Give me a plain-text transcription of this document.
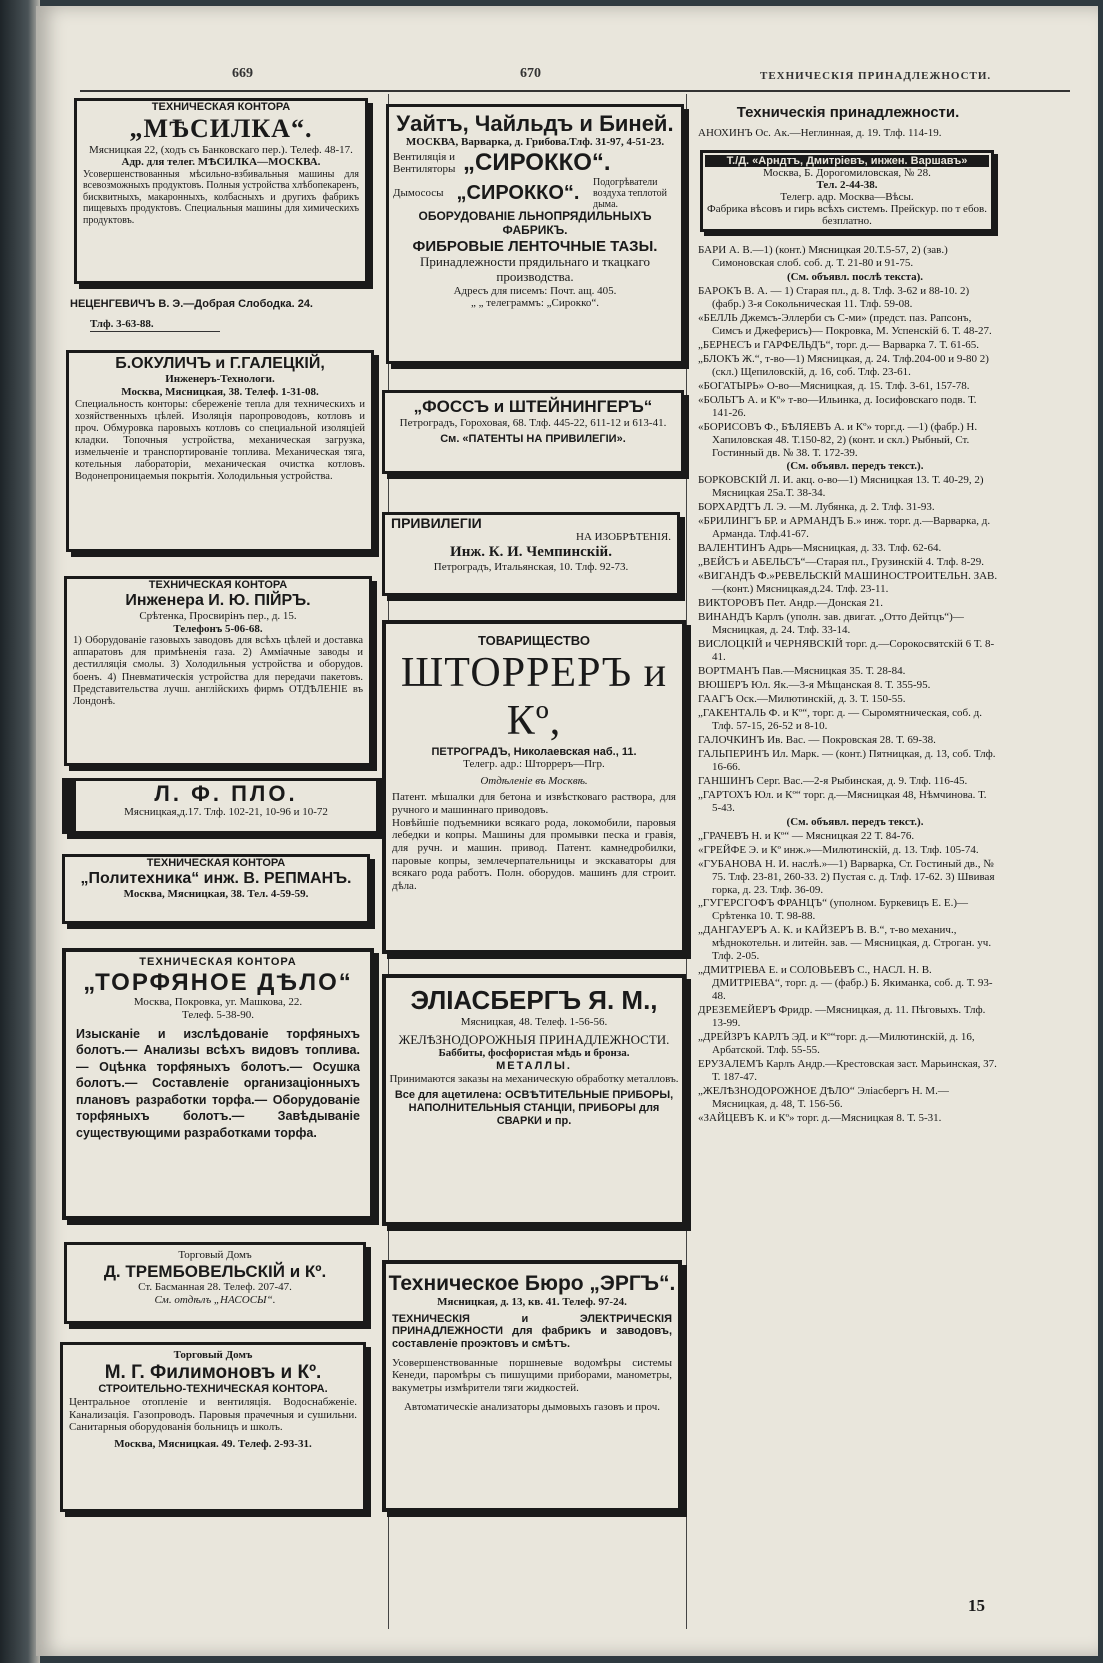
669	670	ТЕХНИЧЕСКІЯ ПРИНАДЛЕЖНОСТИ.
ТЕХНИЧЕСКАЯ КОНТОРА
„МѢСИЛКА“.
Мясницкая 22, (ходъ съ Банковскаго пер.). Телеф. 48-17.
Адр. для телег. МѢСИЛКА—МОСКВА.
Усовершенствованныя мѣсильно-взбивальныя машины для всевозможныхъ продуктовъ. Полныя устройства хлѣбопекаренъ, бисквитныхъ, макаронныхъ, колбасныхъ и другихъ фабрикъ пищевыхъ продуктовъ. Специальныя машины для химическихъ продуктовъ.
НЕЦЕНГЕВИЧЪ В. Э.—Добрая Слободка. 24.
Тлф. 3-63-88.
Б.ОКУЛИЧЪ и Г.ГАЛЕЦКІЙ,
Инженеръ-Технологи.
Москва, Мясницкая, 38. Телеф. 1-31-08.
Специальность конторы: сбереженіе тепла для техническихъ и хозяйственныхъ цѣлей. Изоляція паропроводовъ, котловъ и проч. Обмуровка паровыхъ котловъ со специальной изоляціей кладки. Топочныя устройства, механическая загрузка, измельченіе и транспортированіе топлива. Механическая тяга, котельныя лабораторіи, механическая очистка котловъ. Водонепроницаемыя покрытія. Холодильныя устройства.
ТЕХНИЧЕСКАЯ КОНТОРА
Инженера И. Ю. ПІЙРЪ.
Срѣтенка, Просвирінъ пер., д. 15.
Телефонъ 5-06-68.
1) Оборудованіе газовыхъ заводовъ для всѣхъ цѣлей и доставка аппаратовъ для примѣненія газа. 2) Аммiачные заводы и дестилляція смолы. 3) Холодильныя устройства и оборудов. боенъ. 4) Пневматическія устройства для передачи пакетовъ. Представительства лучш. англійскихъ фирмъ ОТДѢЛЕНІЕ въ Лондонѣ.
Л. Ф. ПЛО.
Мясницкая,д.17. Тлф. 102-21, 10-96 и 10-72
ТЕХНИЧЕСКАЯ КОНТОРА
„Политехника“ инж. В. РЕПМАНЪ.
Москва, Мясницкая, 38. Тел. 4-59-59.
ТЕХНИЧЕСКАЯ КОНТОРА
„ТОРФЯНОЕ ДѢЛО“
Москва, Покровка, уг. Машкова, 22.
Телеф. 5-38-90.
Изысканіе и изслѣдованіе торфяныхъ болотъ.— Анализы всѣхъ видовъ топлива.— Оцѣнка торфяныхъ болотъ.— Осушка болотъ.— Составленіе организаціонныхъ плановъ разработки торфа.— Оборудованіе торфяныхъ болотъ.— Завѣдываніе существующими разработками торфа.
Торговый Домъ
Д. ТРЕМБОВЕЛЬСКІЙ и Кº.
Ст. Басманная 28. Телеф. 207-47.
См. отдѣлъ „НАСОСЫ“.
Торговый Домъ
М. Г. Филимоновъ и Кº.
СТРОИТЕЛЬНО-ТЕХНИЧЕСКАЯ КОНТОРА.
Центральное отопленіе и вентиляція. Водоснабженіе. Канализація. Газопроводъ. Паровыя прачечныя и сушильни. Санитарныя оборудованія больницъ и школъ.
Москва, Мясницкая. 49. Телеф. 2-93-31.
Уайтъ, Чайльдъ и Биней.
МОСКВА, Варварка, д. Грибова.Тлф. 31-97, 4-51-23.
Вентиляція и Вентиляторы „СИРОККО“.
Дымососы „СИРОККО“.	Подогрѣватели воздуха теплотой дыма.
ОБОРУДОВАНІЕ ЛЬНОПРЯДИЛЬНЫХЪ ФАБРИКЪ.
ФИБРОВЫЕ ЛЕНТОЧНЫЕ ТАЗЫ.
Принадлежности прядильнаго и ткацкаго производства.
Адресъ для писемъ: Почт. ащ. 405.
„ „ телеграммъ: „Сирокко“.
„ФОССЪ и ШТЕЙНИНГЕРЪ“
Петроградъ, Гороховая, 68. Тлф. 445-22, 611-12 и 613-41.
См. «ПАТЕНТЫ НА ПРИВИЛЕГІИ».
ПРИВИЛЕГІИ
НА ИЗОБРѢТЕНІЯ.
Инж. К. И. Чемпинскій.
Петроградъ, Итальянская, 10. Тлф. 92-73.
ТОВАРИЩЕСТВО
ШТОРРЕРЪ и Кº,
ПЕТРОГРАДЪ, Николаевская наб., 11.
Телегр. адр.: Штоpреръ—Пгр.
Отдѣленіе въ Москвѣ.
Патент. мѣшалки для бетона и извѣстковаго раствора, для ручного и машиннаго приводовъ.
Новѣйшіе подъемники всякаго рода, локомобили, паровыя лебедки и копры. Машины для промывки песка и гравія, для ручн. и машин. привод. Патент. камнедробилки, паровые копры, землечерпательницы и экскаваторы для всякаго рода работъ. Полн. оборудов. машинъ для строит. дѣла.
ЭЛІАСБЕРГЪ Я. М.,
Мясницкая, 48. Телеф. 1-56-56.
ЖЕЛѢЗНОДОРОЖНЫЯ ПРИНАДЛЕЖНОСТИ.
Баббиты, фосфористая мѣдь и бронза.
МЕТАЛЛЫ.
Принимаются заказы на механическую обработку металловъ.
Все для ацетилена: ОСВѢТИТЕЛЬНЫЕ ПРИБОРЫ, НАПОЛНИТЕЛЬНЫЯ СТАНЦІИ, ПРИБОРЫ для СВАРКИ и пр.
Техническое Бюро „ЭРГЪ“.
Мясницкая, д. 13, кв. 41. Телеф. 97-24.
ТЕХНИЧЕСКІЯ и ЭЛЕКТРИЧЕСКІЯ ПРИНАДЛЕЖНОСТИ для фабрикъ и заводовъ, составленіе проэктовъ и смѣтъ.
Усовершенствованные поршневые водомѣры системы Кенеди, паромѣры съ пишущими приборами, манометры, вакуметры измѣрители тяги жидкостей.
Автоматическіе анализаторы дымовыхъ газовъ и проч.
Техническія принадлежности.
АНОХИНЪ Ос. Ак.—Неглинная, д. 19. Тлф. 114-19.
Т./Д. «Арндтъ, Дмитріевъ, инжен. Варшавъ»
Москва, Б. Дорогомиловская, № 28.
Тел. 2-44-38.
Телегр. адр. Москва—Вѣсы.
Фабрика вѣсовъ и гирь всѣхъ системъ. Прейскур. по т ебов. безплатно.
БАРИ А. В.—1) (конт.) Мясницкая 20.Т.5-57, 2) (зав.) Симоновская слоб. соб. д. Т. 21-80 и 91-75.
(См. объявл. послѣ текста).
БАРОКЪ В. А. — 1) Старая пл., д. 8. Тлф. 3-62 и 88-10. 2) (фабр.) 3-я Сокольническая 11. Тлф. 59-08.
«БЕЛЛЬ Джемсъ-Эллерби съ С-ми» (предст. паз. Рапсонъ, Симсъ и Джеферисъ)— Покровка, М. Успенскій 6. Т. 48-27.
„БЕРНЕСЪ и ГАРФЕЛЬДЪ“, торг. д.— Варварка 7. Т. 61-65.
„БЛОКЪ Ж.“, т-во—1) Мясницкая, д. 24. Тлф.204-00 и 9-80 2)(скл.) Щепиловскій, д. 16, соб. Тлф. 23-61.
«БОГАТЫРЬ» О-во—Мясницкая, д. 15. Тлф. 3-61, 157-78.
«БОЛЬТЪ А. и Кº» т-во—Ильинка, д. Іосифовскаго подв. Т. 141-26.
«БОРИСОВЪ Ф., БѢЛЯЕВЪ А. и Кº» торг.д. —1) (фабр.) Н. Хапиловская 48. Т.150-82, 2) (конт. и скл.) Рыбный, Ст. Гостинный дв. № 38. Т. 172-39.
(См. объявл. передъ текст.).
БОРКОВСКІЙ Л. И. акц. о-во—1) Мясницкая 13. Т. 40-29, 2) Мясницкая 25а.Т. 38-34.
БОРХАРДТЪ Л. Э. —М. Лубянка, д. 2. Тлф. 31-93.
«БРИЛИНГЪ БР. и АРМАНДЪ Б.» инж. торг. д.—Варварка, д. Арманда. Тлф.41-67.
ВАЛЕНТИНЪ Адрь—Мясницкая, д. 33. Тлф. 62-64.
„ВЕЙСЪ и АБЕЛЬСЪ“—Старая пл., Грузинскій 4. Тлф. 8-29.
«ВИГАНДЪ Ф.»РЕВЕЛЬСКІЙ МАШИНОСТРОИТЕЛЬН. ЗАВ.—(конт.) Мясницкая,д.24. Тлф. 23-11.
ВИКТОРОВЪ Пет. Андр.—Донская 21.
ВИНАНДЪ Карлъ (уполн. зав. двигат. „Отто Дейтцъ“)—Мясницкая, д. 24. Тлф. 33-14.
ВИСЛОЦКІЙ и ЧЕРНЯВСКІЙ торг. д.—Сорокосвятскій 6 Т. 8-41.
ВОРТМАНЪ Пав.—Мясницкая 35. Т. 28-84.
ВЮШЕРЪ Юл. Як.—3-я Мѣщанская 8. Т. 355-95.
ГААГЪ Оск.—Милютинскій, д. 3. Т. 150-55.
„ГАКЕНТАЛЬ Ф. и Кº“, торг. д. — Сыромятническая, соб. д. Тлф. 57-15, 26-52 и 8-10.
ГАЛОЧКИНЪ Ив. Вас. — Покровская 28. Т. 69-38.
ГАЛЬПЕРИНЪ Ил. Марк. — (конт.) Пятницкая, д. 13, соб. Тлф. 16-66.
ГАНШИНЪ Серг. Вас.—2-я Рыбинская, д. 9. Тлф. 116-45.
„ГАРТОХЪ Юл. и Кº“ торг. д.—Мясницкая 48, Нѣмчинова. Т. 5-43.
(См. объявл. передъ текст.).
„ГРАЧЕВЪ Н. и Кº“ — Мясницкая 22 Т. 84-76.
«ГРЕЙФЕ Э. и Кº инж.»—Милютинскій, д. 13. Тлф. 105-74.
«ГУБАНОВА Н. И. наслѣ.»—1) Варварка, Ст. Гостиный дв., № 75. Тлф. 23-81, 260-33. 2) Пустая с. д. Тлф. 17-62. 3) Швивая горка, д. 23. Тлф. 36-09.
„ГУГЕРСГОФЪ ФРАНЦЪ“ (уполном. Буркевицъ Е. Е.)—Срѣтенка 10. Т. 98-88.
„ДАНГАУЕРЪ А. К. и КАЙЗЕРЪ В. В.“, т-во механич., мѣднокотельн. и литейн. зав. — Мясницкая, д. Строган. уч. Тлф. 2-05.
„ДМИТРІЕВА Е. и СОЛОВЬЕВЪ С., НАСЛ. Н. В. ДМИТРІЕВА“, торг. д. — (фабр.) Б. Якиманка, соб. д. Т. 93-48.
ДРЕЗЕМЕЙЕРЪ Фридр. —Мясницкая, д. 11. Пѣговыхъ. Тлф. 13-99.
„ДРЕЙЗРЪ КАРЛЪ ЭД. и Кº“торг. д.—Милютинскій, д. 16, Арбатской. Тлф. 55-55.
ЕРУЗАЛЕМЪ Карлъ Андр.—Крестовская заст. Марьинская, 37. Т. 187-47.
„ЖЕЛѢЗНОДОРОЖНОЕ ДѢЛО“ Эліасбергъ Н. М.—Мясницкая, д. 48, Т. 156-56.
«ЗАЙЦЕВЪ К. и Кº» торг. д.—Мясницкая 8. Т. 5-31.
15
